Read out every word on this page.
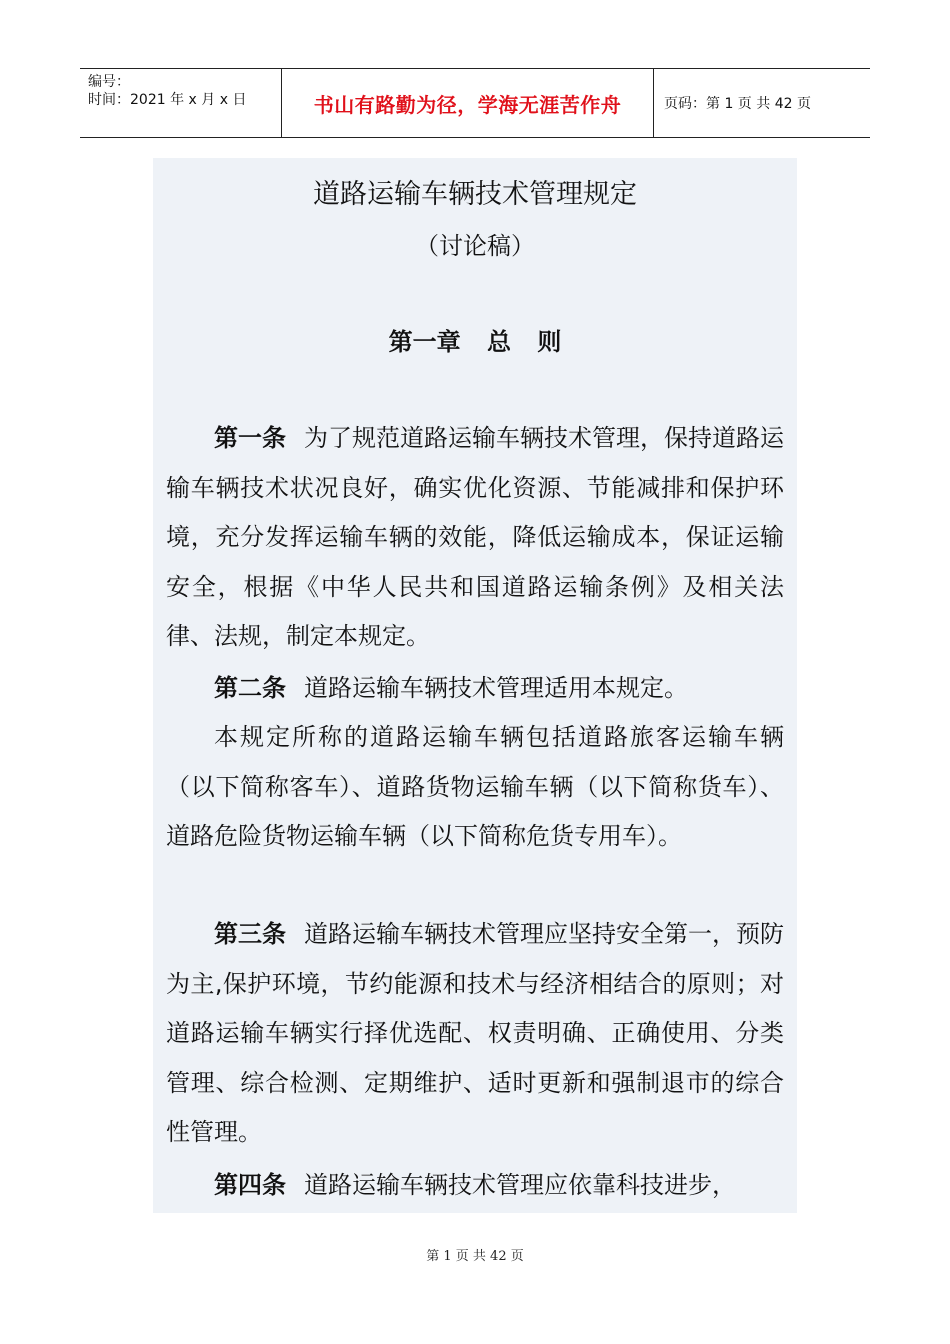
编号：
时间：2021 年 x 月 x 日	书山有路勤为径，学海无涯苦作舟	页码：第 1 页 共 42 页
道路运输车辆技术管理规定
（讨论稿）
第一章 总 则
第一条 为了规范道路运输车辆技术管理，保持道路运输车辆技术状况良好，确实优化资源、节能减排和保护环境，充分发挥运输车辆的效能，降低运输成本，保证运输安全，根据《中华人民共和国道路运输条例》及相关法律、法规，制定本规定。
第二条 道路运输车辆技术管理适用本规定。
本规定所称的道路运输车辆包括道路旅客运输车辆（以下简称客车）、道路货物运输车辆（以下简称货车）、道路危险货物运输车辆（以下简称危货专用车）。
第三条 道路运输车辆技术管理应坚持安全第一，预防为主,保护环境，节约能源和技术与经济相结合的原则；对道路运输车辆实行择优选配、权责明确、正确使用、分类管理、综合检测、定期维护、适时更新和强制退市的综合性管理。
第四条 道路运输车辆技术管理应依靠科技进步，
第 1 页 共 42 页
